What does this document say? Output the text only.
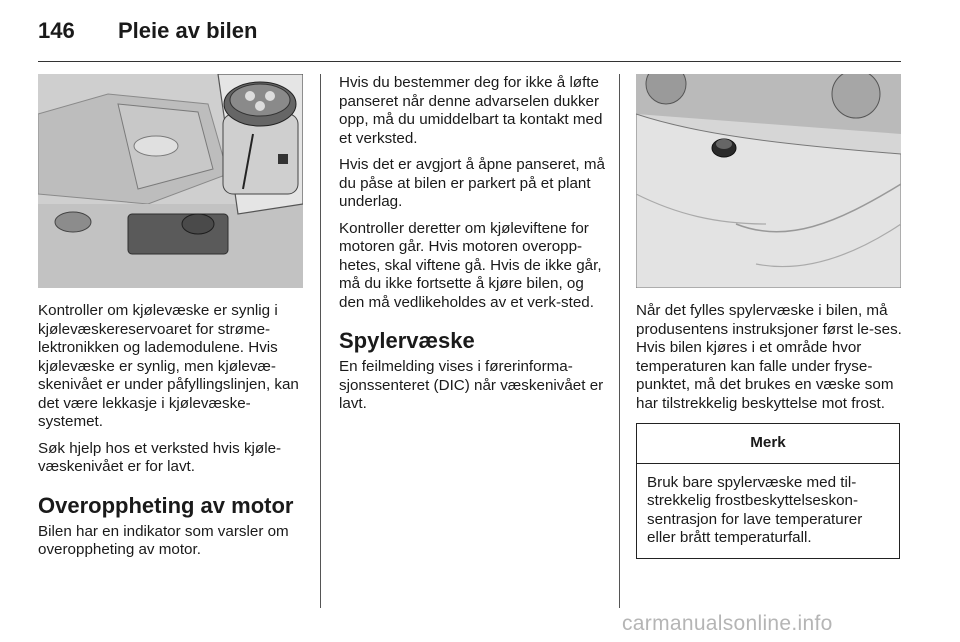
146 Pleie av bilen

Kontroller om kjølevæske er synlig i kjølevæskereservoaret for strøme-lektronikken og lademodulene. Hvis kjølevæske er synlig, men kjølevæ-skenivået er under påfyllingslinjen, kan det være lekkasje i kjølevæske-systemet.

Søk hjelp hos et verksted hvis kjøle-væskenivået er for lavt.

Overoppheting av motor

Bilen har en indikator som varsler om overoppheting av motor.

Hvis du bestemmer deg for ikke å løfte panseret når denne advarselen dukker opp, må du umiddelbart ta kontakt med et verksted.

Hvis det er avgjort å åpne panseret, må du påse at bilen er parkert på et plant underlag.

Kontroller deretter om kjøleviftene for motoren går. Hvis motoren overopp-hetes, skal viftene gå. Hvis de ikke går, må du ikke fortsette å kjøre bilen, og den må vedlikeholdes av et verk-sted.

Spylervæske

En feilmelding vises i førerinforma-sjonssenteret (DIC) når væskenivået er lavt.

Når det fylles spylervæske i bilen, må produsentens instruksjoner først le-ses. Hvis bilen kjøres i et område hvor temperaturen kan falle under fryse-punktet, må det brukes en væske som har tilstrekkelig beskyttelse mot frost.

Merk

Bruk bare spylervæske med til-strekkelig frostbeskyttelseskon-sentrasjon for lave temperaturer eller brått temperaturfall.

carmanualsonline.info
